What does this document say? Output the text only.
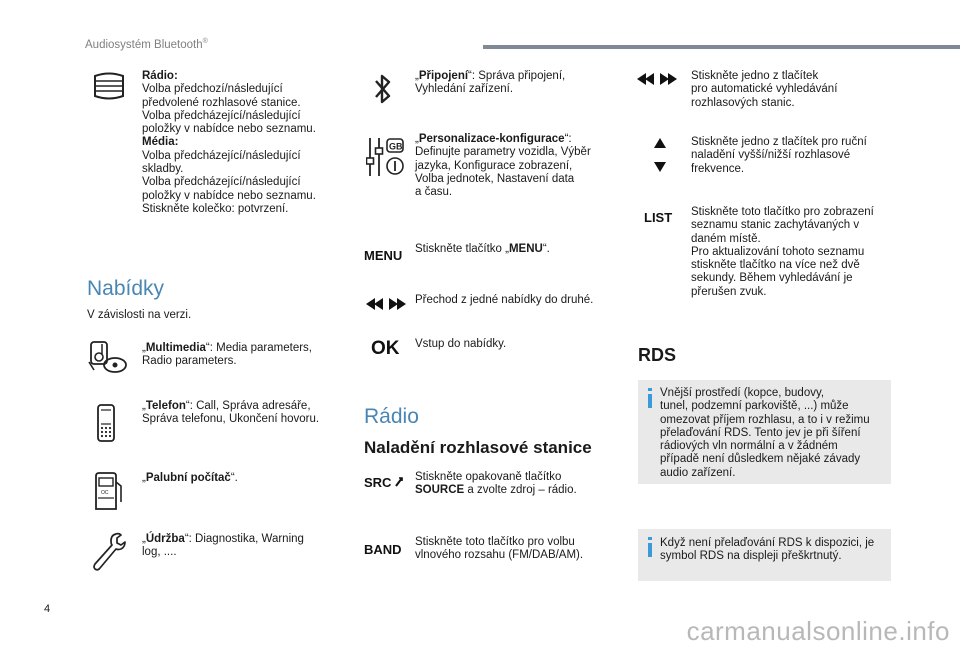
Audiosystém Bluetooth®
Rádio:
Volba předchozí/následující
předvolené rozhlasové stanice.
Volba předcházející/následující
položky v nabídce nebo seznamu.
Média:
Volba předcházející/následující
skladby.
Volba předcházející/následující
položky v nabídce nebo seznamu.
Stiskněte kolečko: potvrzení.
Nabídky
V závislosti na verzi.
„Multimedia“: Media parameters,
Radio parameters.
„Telefon“: Call, Správa adresáře,
Správa telefonu, Ukončení hovoru.
OC
„Palubní počítač“.
„Údržba“: Diagnostika, Warning
log, ....
„Připojení“: Správa připojení,
Vyhledání zařízení.
GB
„Personalizace-konfigurace“:
Definujte parametry vozidla, Výběr
jazyka, Konfigurace zobrazení,
Volba jednotek, Nastavení data
a času.
MENU Stiskněte tlačítko „MENU“.
Přechod z jedné nabídky do druhé.
OK Vstup do nabídky.
Rádio
Naladění rozhlasové stanice
SRC Stiskněte opakovaně tlačítko
SOURCE a zvolte zdroj – rádio.
BAND Stiskněte toto tlačítko pro volbu
vlnového rozsahu (FM/DAB/AM).
Stiskněte jedno z tlačítek
pro automatické vyhledávání
rozhlasových stanic.
Stiskněte jedno z tlačítek pro ruční
naladění vyšší/nižší rozhlasové
frekvence.
LIST Stiskněte toto tlačítko pro zobrazení
seznamu stanic zachytávaných v
daném místě.
Pro aktualizování tohoto seznamu
stiskněte tlačítko na více než dvě
sekundy. Během vyhledávání je
přerušen zvuk.
RDS
Vnější prostředí (kopce, budovy,
tunel, podzemní parkoviště, ...) může
omezovat příjem rozhlasu, a to i v režimu
přelaďování RDS. Tento jev je při šíření
rádiových vln normální a v žádném
případě není důsledkem nějaké závady
audio zařízení.
Když není přelaďování RDS k dispozici, je
symbol RDS na displeji přeškrtnutý.
4
carmanualsonline.info
